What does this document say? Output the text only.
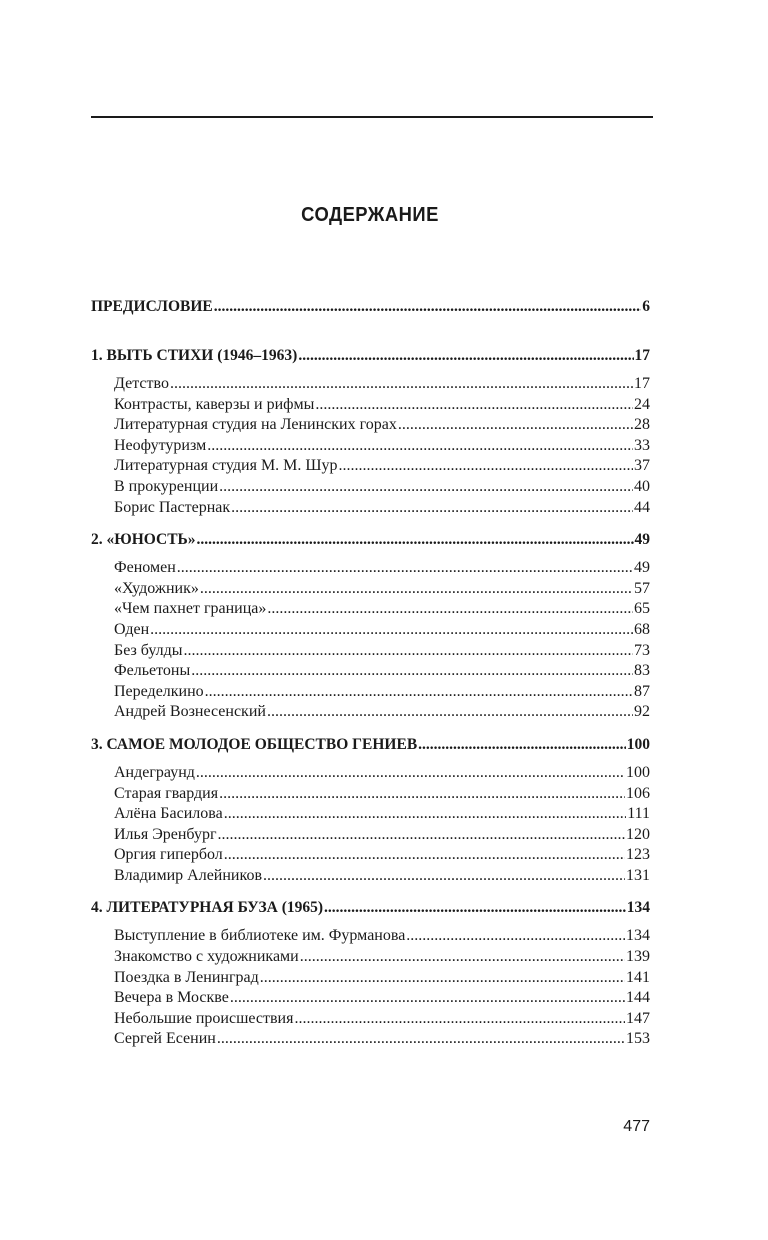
СОДЕРЖАНИЕ
ПРЕДИСЛОВИЕ .....	6
1. ВЫТЬ СТИХИ (1946–1963) .....	17
Детство .....	17
Контрасты, каверзы и рифмы .....	24
Литературная студия на Ленинских горах .....	28
Неофутуризм .....	33
Литературная студия М. М. Шур .....	37
В прокуренции .....	40
Борис Пастернак .....	44
2. «ЮНОСТЬ» .....	49
Феномен .....	49
«Художник» .....	57
«Чем пахнет граница» .....	65
Оден .....	68
Без булды .....	73
Фельетоны .....	83
Переделкино .....	87
Андрей Вознесенский .....	92
3. САМОЕ МОЛОДОЕ ОБЩЕСТВО ГЕНИЕВ .....	100
Андеграунд .....	100
Старая гвардия .....	106
Алёна Басилова .....	111
Илья Эренбург .....	120
Оргия гипербол .....	123
Владимир Алейников .....	131
4. ЛИТЕРАТУРНАЯ БУЗА (1965) .....	134
Выступление в библиотеке им. Фурманова .....	134
Знакомство с художниками .....	139
Поездка в Ленинград .....	141
Вечера в Москве .....	144
Небольшие происшествия .....	147
Сергей Есенин .....	153
477
